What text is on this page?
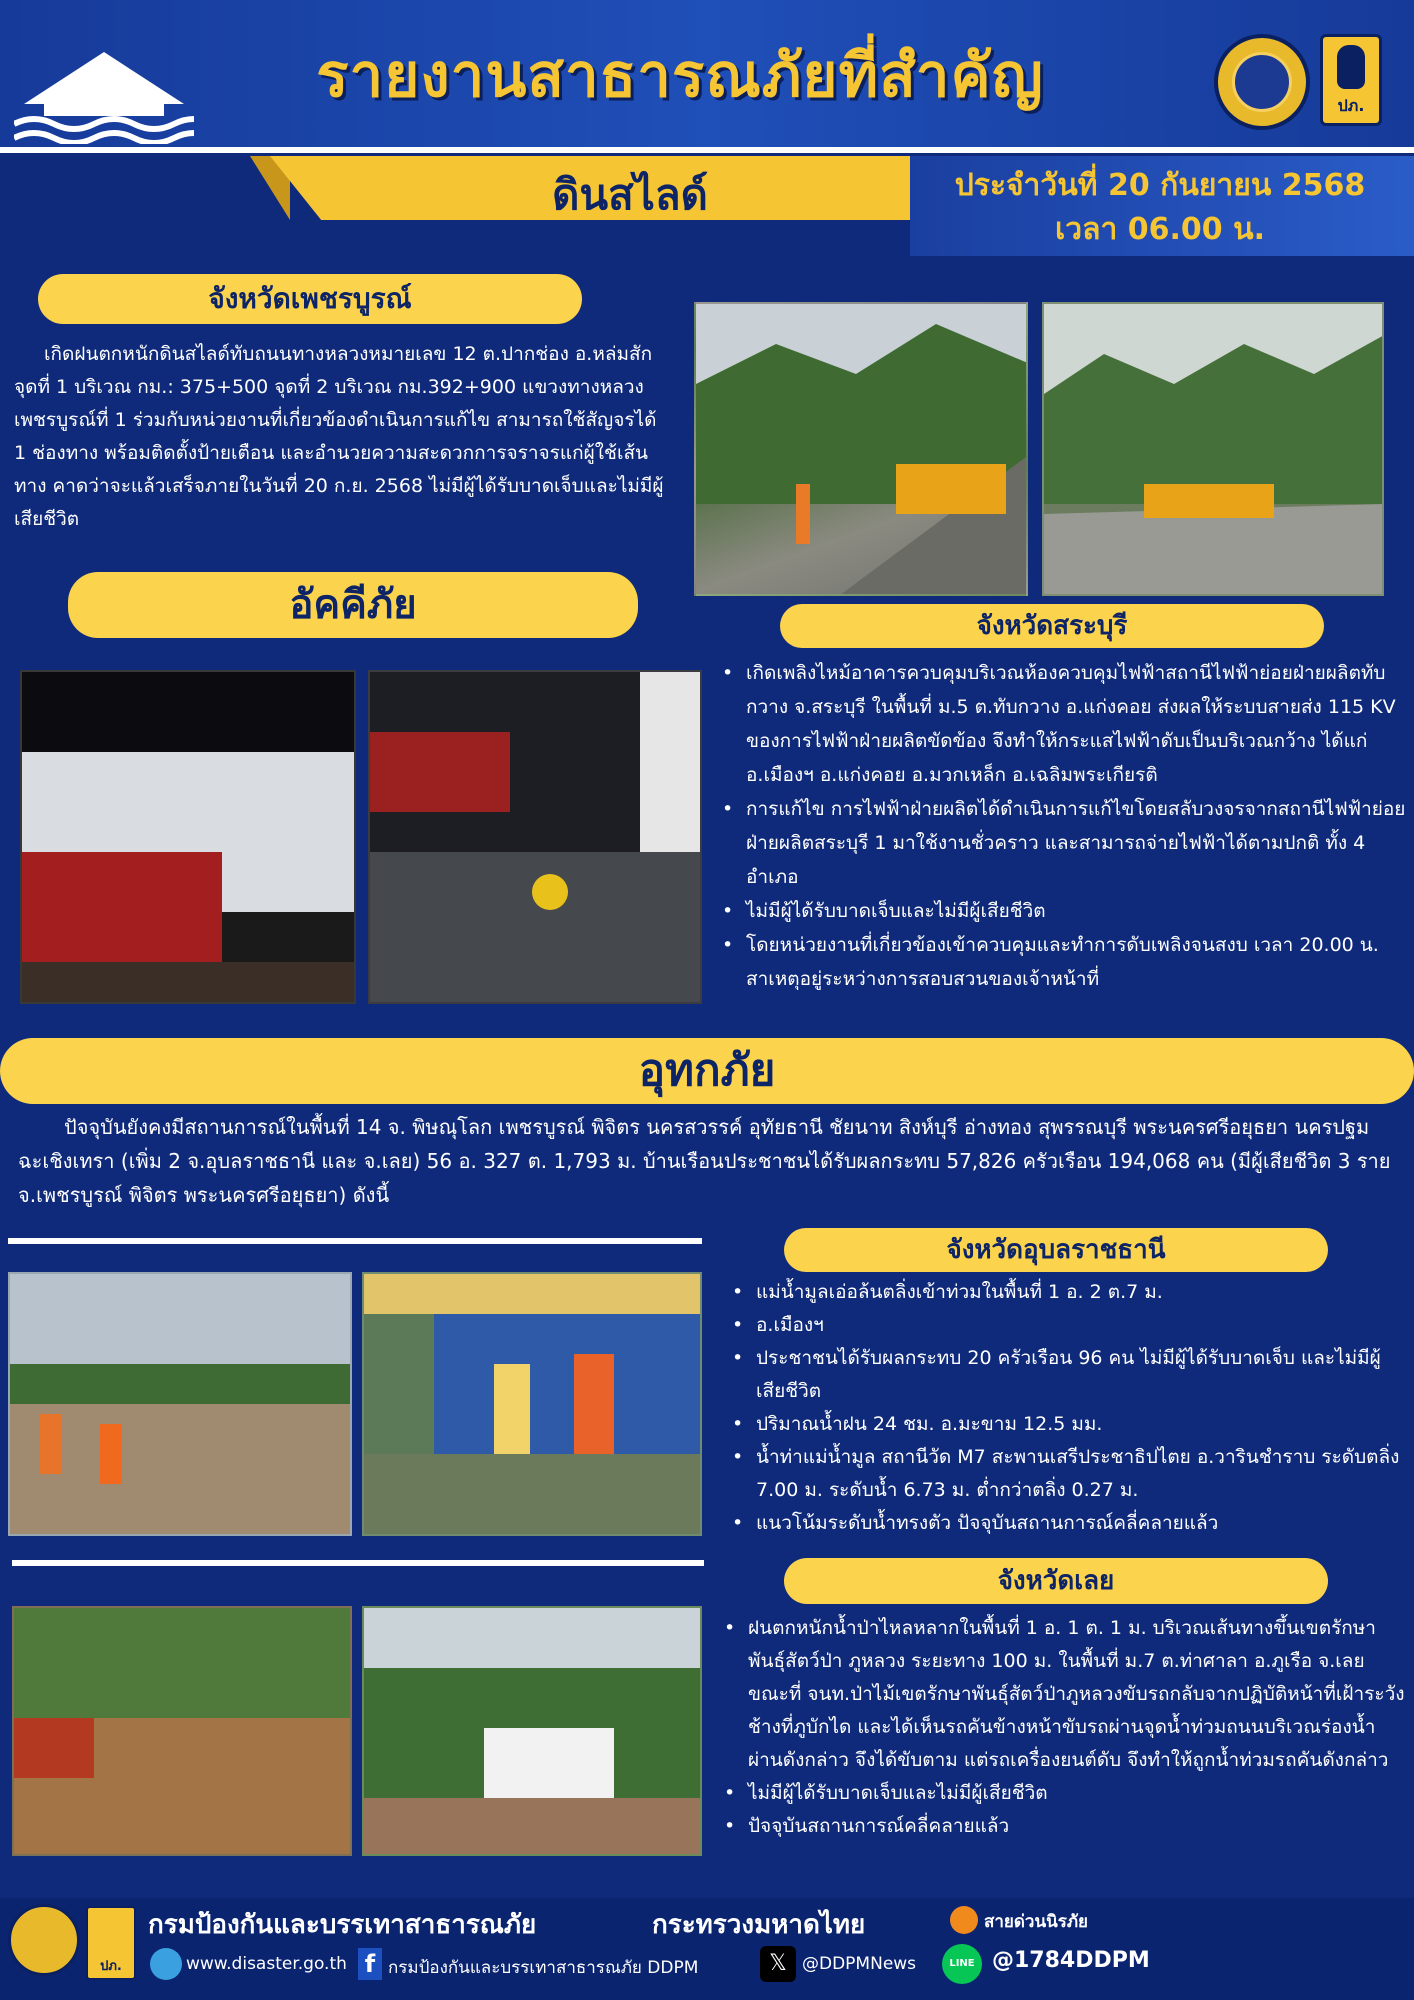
รายงานสาธารณภัยที่สำคัญ	ปภ.
ดินสไลด์	ประจำวันที่ 20 กันยายน 2568
เวลา 06.00 น.
จังหวัดเพชรบูรณ์
เกิดฝนตกหนักดินสไลด์ทับถนนทางหลวงหมายเลข 12 ต.ปากช่อง อ.หล่มสัก จุดที่ 1 บริเวณ กม.: 375+500 จุดที่ 2 บริเวณ กม.392+900 แขวงทางหลวงเพชรบูรณ์ที่ 1 ร่วมกับหน่วยงานที่เกี่ยวข้องดำเนินการแก้ไข สามารถใช้สัญจรได้ 1 ช่องทาง พร้อมติดตั้งป้ายเตือน และอำนวยความสะดวกการจราจรแก่ผู้ใช้เส้นทาง คาดว่าจะแล้วเสร็จภายในวันที่ 20 ก.ย. 2568 ไม่มีผู้ได้รับบาดเจ็บและไม่มีผู้เสียชีวิต
อัคคีภัย	จังหวัดสระบุรี
• เกิดเพลิงไหม้อาคารควบคุมบริเวณห้องควบคุมไฟฟ้าสถานีไฟฟ้าย่อยฝ่ายผลิตทับกวาง จ.สระบุรี ในพื้นที่ ม.5 ต.ทับกวาง อ.แก่งคอย ส่งผลให้ระบบสายส่ง 115 KV ของการไฟฟ้าฝ่ายผลิตขัดข้อง จึงทำให้กระแสไฟฟ้าดับเป็นบริเวณกว้าง ได้แก่ อ.เมืองฯ อ.แก่งคอย อ.มวกเหล็ก อ.เฉลิมพระเกียรติ
• การแก้ไข การไฟฟ้าฝ่ายผลิตได้ดำเนินการแก้ไขโดยสลับวงจรจากสถานีไฟฟ้าย่อยฝ่ายผลิตสระบุรี 1 มาใช้งานชั่วคราว และสามารถจ่ายไฟฟ้าได้ตามปกติ ทั้ง 4 อำเภอ
• ไม่มีผู้ได้รับบาดเจ็บและไม่มีผู้เสียชีวิต
• โดยหน่วยงานที่เกี่ยวข้องเข้าควบคุมและทำการดับเพลิงจนสงบ เวลา 20.00 น. สาเหตุอยู่ระหว่างการสอบสวนของเจ้าหน้าที่
อุทกภัย
ปัจจุบันยังคงมีสถานการณ์ในพื้นที่ 14 จ. พิษณุโลก เพชรบูรณ์ พิจิตร นครสวรรค์ อุทัยธานี ชัยนาท สิงห์บุรี อ่างทอง สุพรรณบุรี พระนครศรีอยุธยา นครปฐม ฉะเชิงเทรา (เพิ่ม 2 จ.อุบลราชธานี และ จ.เลย) 56 อ. 327 ต. 1,793 ม. บ้านเรือนประชาชนได้รับผลกระทบ 57,826 ครัวเรือน 194,068 คน (มีผู้เสียชีวิต 3 ราย จ.เพชรบูรณ์ พิจิตร พระนครศรีอยุธยา) ดังนี้
จังหวัดอุบลราชธานี
• แม่น้ำมูลเอ่อล้นตลิ่งเข้าท่วมในพื้นที่ 1 อ. 2 ต.7 ม.
• อ.เมืองฯ
• ประชาชนได้รับผลกระทบ 20 ครัวเรือน 96 คน ไม่มีผู้ได้รับบาดเจ็บ และไม่มีผู้เสียชีวิต
• ปริมาณน้ำฝน 24 ชม. อ.มะขาม 12.5 มม.
• น้ำท่าแม่น้ำมูล สถานีวัด M7 สะพานเสรีประชาธิปไตย อ.วารินชำราบ ระดับตลิ่ง 7.00 ม. ระดับน้ำ 6.73 ม. ต่ำกว่าตลิ่ง 0.27 ม.
• แนวโน้มระดับน้ำทรงตัว ปัจจุบันสถานการณ์คลี่คลายแล้ว
จังหวัดเลย
• ฝนตกหนักน้ำป่าไหลหลากในพื้นที่ 1 อ. 1 ต. 1 ม. บริเวณเส้นทางขึ้นเขตรักษาพันธุ์สัตว์ป่า ภูหลวง ระยะทาง 100 ม. ในพื้นที่ ม.7 ต.ท่าศาลา อ.ภูเรือ จ.เลย ขณะที่ จนท.ป่าไม้เขตรักษาพันธุ์สัตว์ป่าภูหลวงขับรถกลับจากปฏิบัติหน้าที่เฝ้าระวังช้างที่ภูบักได และได้เห็นรถคันข้างหน้าขับรถผ่านจุดน้ำท่วมถนนบริเวณร่องน้ำผ่านดังกล่าว จึงได้ขับตาม แต่รถเครื่องยนต์ดับ จึงทำให้ถูกน้ำท่วมรถคันดังกล่าว
• ไม่มีผู้ได้รับบาดเจ็บและไม่มีผู้เสียชีวิต
• ปัจจุบันสถานการณ์คลี่คลายแล้ว
ปภ.
กรมป้องกันและบรรเทาสาธารณภัย	กระทรวงมหาดไทย	สายด่วนนิรภัย
www.disaster.go.th f กรมป้องกันและบรรเทาสาธารณภัย DDPM	𝕏 @DDPMNews	LINE @1784DDPM
